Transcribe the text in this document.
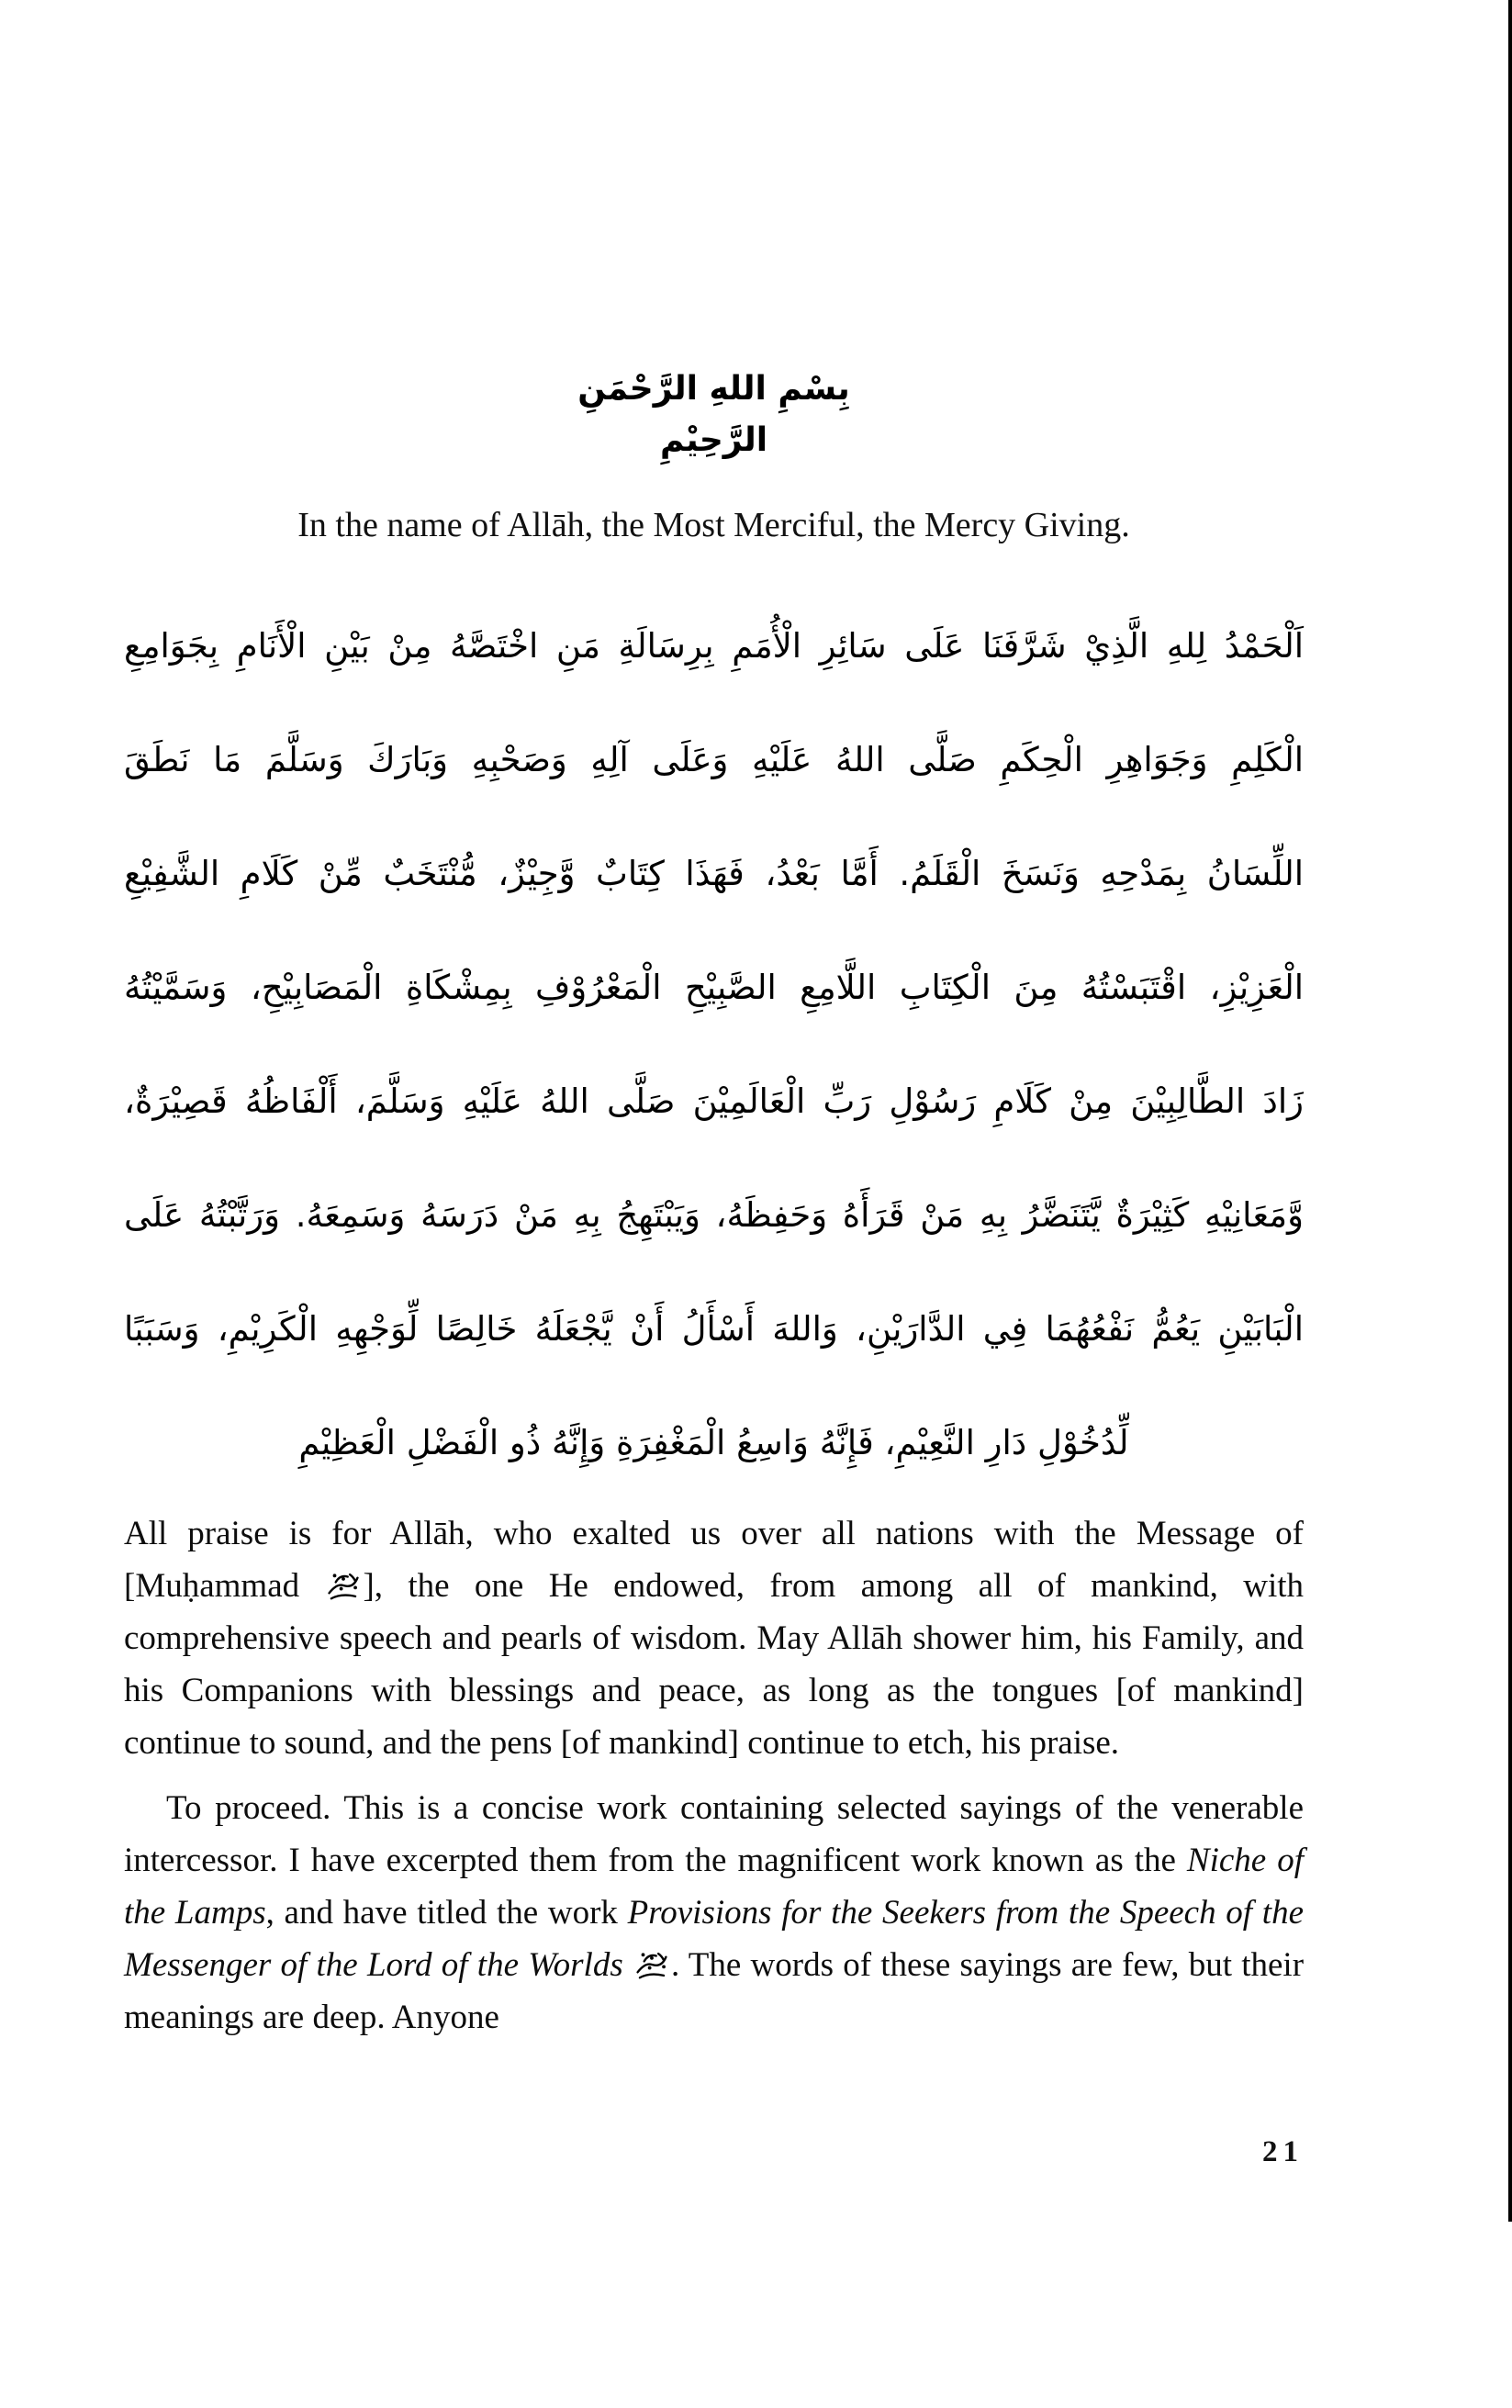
بِسْمِ اللهِ الرَّحْمَنِ الرَّحِيْمِ
In the name of Allāh, the Most Merciful, the Mercy Giving.
اَلْحَمْدُ لِلهِ الَّذِيْ شَرَّفَنَا عَلَى سَائِرِ الْأُمَمِ بِرِسَالَةِ مَنِ اخْتَصَّهُ مِنْ بَيْنِ الْأَنَامِ بِجَوَامِعِ
الْكَلِمِ وَجَوَاهِرِ الْحِكَمِ صَلَّى اللهُ عَلَيْهِ وَعَلَى آلِهِ وَصَحْبِهِ وَبَارَكَ وَسَلَّمَ مَا نَطَقَ
اللِّسَانُ بِمَدْحِهِ وَنَسَخَ الْقَلَمُ. أَمَّا بَعْدُ، فَهَذَا كِتَابٌ وَّجِيْزٌ، مُّنْتَخَبٌ مِّنْ كَلَامِ الشَّفِيْعِ
الْعَزِيْزِ، اقْتَبَسْتُهُ مِنَ الْكِتَابِ اللَّامِعِ الصَّبِيْحِ الْمَعْرُوْفِ بِمِشْكَاةِ الْمَصَابِيْحِ، وَسَمَّيْتُهُ
زَادَ الطَّالِبِيْنَ مِنْ كَلَامِ رَسُوْلِ رَبِّ الْعَالَمِيْنَ صَلَّى اللهُ عَلَيْهِ وَسَلَّمَ، أَلْفَاظُهُ قَصِيْرَةٌ،
وَّمَعَانِيْهِ كَثِيْرَةٌ يَّتَنَضَّرُ بِهِ مَنْ قَرَأَهُ وَحَفِظَهُ، وَيَبْتَهِجُ بِهِ مَنْ دَرَسَهُ وَسَمِعَهُ. وَرَتَّبْتُهُ عَلَى
الْبَابَيْنِ يَعُمُّ نَفْعُهُمَا فِي الدَّارَيْنِ، وَاللهَ أَسْأَلُ أَنْ يَّجْعَلَهُ خَالِصًا لِّوَجْهِهِ الْكَرِيْمِ، وَسَبَبًا
لِّدُخُوْلِ دَارِ النَّعِيْمِ، فَإِنَّهُ وَاسِعُ الْمَغْفِرَةِ وَإِنَّهُ ذُو الْفَضْلِ الْعَظِيْمِ

All praise is for Allāh, who exalted us over all nations with the Message of [Muḥammad ], the one He endowed, from among all of mankind, with comprehensive speech and pearls of wisdom. May Allāh shower him, his Family, and his Companions with blessings and peace, as long as the tongues [of mankind] continue to sound, and the pens [of mankind] continue to etch, his praise.

To proceed. This is a concise work containing selected sayings of the venerable intercessor. I have excerpted them from the magnificent work known as the Niche of the Lamps, and have titled the work Provisions for the Seekers from the Speech of the Messenger of the Lord of the Worlds . The words of these sayings are few, but their meanings are deep. Anyone

21
